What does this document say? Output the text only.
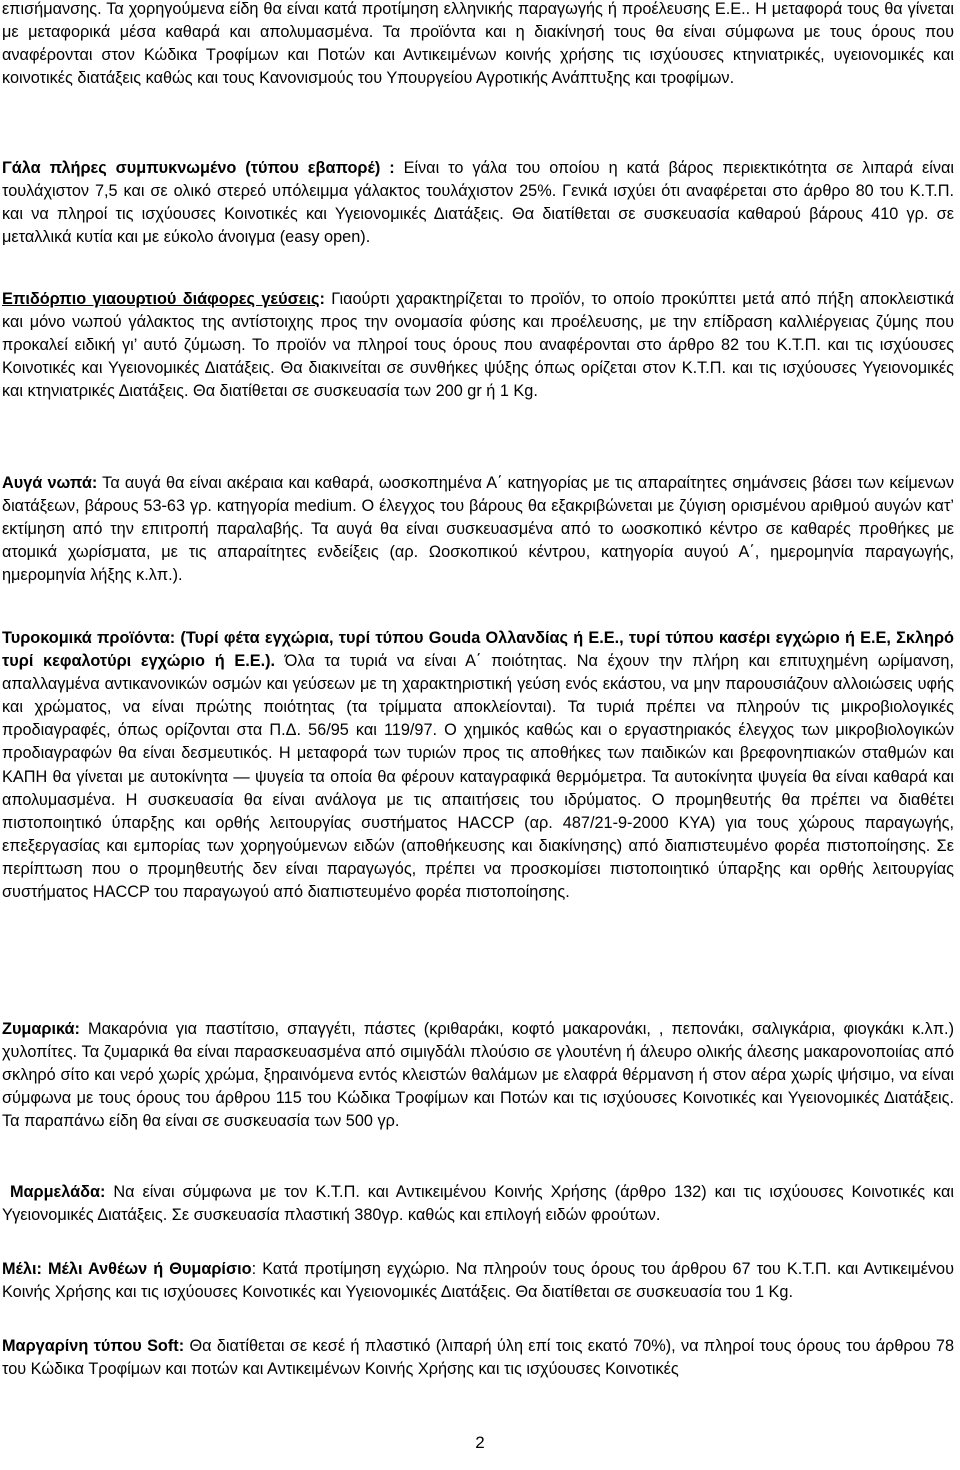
επισήμανσης. Τα χορηγούμενα είδη θα είναι κατά προτίμηση ελληνικής παραγωγής ή προέλευσης Ε.Ε.. Η μεταφορά τους θα γίνεται με μεταφορικά μέσα καθαρά και απολυμασμένα. Τα προϊόντα και η διακίνησή τους θα είναι σύμφωνα με τους όρους που αναφέρονται στον Κώδικα Τροφίμων και Ποτών και Αντικειμένων κοινής χρήσης τις ισχύουσες κτηνιατρικές, υγειονομικές και κοινοτικές διατάξεις καθώς και τους Κανονισμούς του Υπουργείου Αγροτικής Ανάπτυξης και τροφίμων.

Γάλα πλήρες συμπυκνωμένο (τύπου εβαπορέ) : Είναι το γάλα του οποίου η κατά βάρος περιεκτικότητα σε λιπαρά είναι τουλάχιστον 7,5 και σε ολικό στερεό υπόλειμμα γάλακτος τουλάχιστον 25%. Γενικά ισχύει ότι αναφέρεται στο άρθρο 80 του Κ.Τ.Π. και να πληροί τις ισχύουσες Κοινοτικές και Υγειονομικές Διατάξεις. Θα διατίθεται σε συσκευασία καθαρού βάρους 410 γρ. σε μεταλλικά κυτία και με εύκολο άνοιγμα (easy open).

Επιδόρπιο γιαουρτιού διάφορες γεύσεις: Γιαούρτι χαρακτηρίζεται το προϊόν, το οποίο προκύπτει μετά από πήξη αποκλειστικά και μόνο νωπού γάλακτος της αντίστοιχης προς την ονομασία φύσης και προέλευσης, με την επίδραση καλλιέργειας ζύμης που προκαλεί ειδική γι’ αυτό ζύμωση. Το προϊόν να πληροί τους όρους που αναφέρονται στο άρθρο 82 του Κ.Τ.Π. και τις ισχύουσες Κοινοτικές και Υγειονομικές Διατάξεις. Θα διακινείται σε συνθήκες ψύξης όπως ορίζεται στον Κ.Τ.Π. και τις ισχύουσες Υγειονομικές και κτηνιατρικές Διατάξεις. Θα διατίθεται σε συσκευασία των 200 gr ή 1 Kg.

Αυγά νωπά: Τα αυγά θα είναι ακέραια και καθαρά, ωοσκοπημένα Α΄ κατηγορίας με τις απαραίτητες σημάνσεις βάσει των κείμενων διατάξεων, βάρους 53-63 γρ. κατηγορία medium. Ο έλεγχος του βάρους θα εξακριβώνεται με ζύγιση ορισμένου αριθμού αυγών κατ’ εκτίμηση από την επιτροπή παραλαβής. Τα αυγά θα είναι συσκευασμένα από το ωοσκοπικό κέντρο σε καθαρές προθήκες με ατομικά χωρίσματα, με τις απαραίτητες ενδείξεις (αρ. Ωοσκοπικού κέντρου, κατηγορία αυγού Α΄, ημερομηνία παραγωγής, ημερομηνία λήξης κ.λπ.).

Τυροκομικά προϊόντα: (Τυρί φέτα εγχώρια, τυρί τύπου Gouda Ολλανδίας ή Ε.Ε., τυρί τύπου κασέρι εγχώριο ή Ε.Ε, Σκληρό τυρί κεφαλοτύρι εγχώριο ή Ε.Ε.). Όλα τα τυριά να είναι Α΄ ποιότητας. Να έχουν την πλήρη και επιτυχημένη ωρίμανση, απαλλαγμένα αντικανονικών οσμών και γεύσεων με τη χαρακτηριστική γεύση ενός εκάστου, να μην παρουσιάζουν αλλοιώσεις υφής και χρώματος, να είναι πρώτης ποιότητας (τα τρίμματα αποκλείονται). Τα τυριά πρέπει να πληρούν τις μικροβιολογικές προδιαγραφές, όπως ορίζονται στα Π.Δ. 56/95 και 119/97. Ο χημικός καθώς και ο εργαστηριακός έλεγχος των μικροβιολογικών προδιαγραφών θα είναι δεσμευτικός. Η μεταφορά των τυριών προς τις αποθήκες των παιδικών και βρεφονηπιακών σταθμών και ΚΑΠΗ θα γίνεται με αυτοκίνητα ― ψυγεία τα οποία θα φέρουν καταγραφικά θερμόμετρα. Τα αυτοκίνητα ψυγεία θα είναι καθαρά και απολυμασμένα. Η συσκευασία θα είναι ανάλογα με τις απαιτήσεις του ιδρύματος. Ο προμηθευτής θα πρέπει να διαθέτει πιστοποιητικό ύπαρξης και ορθής λειτουργίας συστήματος HACCP (αρ. 487/21-9-2000 ΚΥΑ) για τους χώρους παραγωγής, επεξεργασίας και εμπορίας των χορηγούμενων ειδών (αποθήκευσης και διακίνησης) από διαπιστευμένο φορέα πιστοποίησης. Σε περίπτωση που ο προμηθευτής δεν είναι παραγωγός, πρέπει να προσκομίσει πιστοποιητικό ύπαρξης και ορθής λειτουργίας συστήματος HACCP του παραγωγού από διαπιστευμένο φορέα πιστοποίησης.

Ζυμαρικά: Μακαρόνια για παστίτσιο, σπαγγέτι, πάστες (κριθαράκι, κοφτό μακαρονάκι, , πεπονάκι, σαλιγκάρια, φιογκάκι κ.λπ.) χυλοπίτες. Τα ζυμαρικά θα είναι παρασκευασμένα από σιμιγδάλι πλούσιο σε γλουτένη ή άλευρο ολικής άλεσης μακαρονοποιίας από σκληρό σίτο και νερό χωρίς χρώμα, ξηραινόμενα εντός κλειστών θαλάμων με ελαφρά θέρμανση ή στον αέρα χωρίς ψήσιμο, να είναι σύμφωνα με τους όρους του άρθρου 115 του Κώδικα Τροφίμων και Ποτών και τις ισχύουσες Κοινοτικές και Υγειονομικές Διατάξεις. Τα παραπάνω είδη θα είναι σε συσκευασία των 500 γρ.

Μαρμελάδα: Να είναι σύμφωνα με τον Κ.Τ.Π. και Αντικειμένου Κοινής Χρήσης (άρθρο 132) και τις ισχύουσες Κοινοτικές και Υγειονομικές Διατάξεις. Σε συσκευασία πλαστική 380γρ. καθώς και επιλογή ειδών φρούτων.

Μέλι: Μέλι Ανθέων ή Θυμαρίσιο: Κατά προτίμηση εγχώριο. Να πληρούν τους όρους του άρθρου 67 του Κ.Τ.Π. και Αντικειμένου Κοινής Χρήσης και τις ισχύουσες Κοινοτικές και Υγειονομικές Διατάξεις. Θα διατίθεται σε συσκευασία του 1 Kg.

Μαργαρίνη τύπου Soft: Θα διατίθεται σε κεσέ ή πλαστικό (λιπαρή ύλη επί τοις εκατό 70%), να πληροί τους όρους του άρθρου 78 του Κώδικα Τροφίμων και ποτών και Αντικειμένων Κοινής Χρήσης και τις ισχύουσες Κοινοτικές

2
